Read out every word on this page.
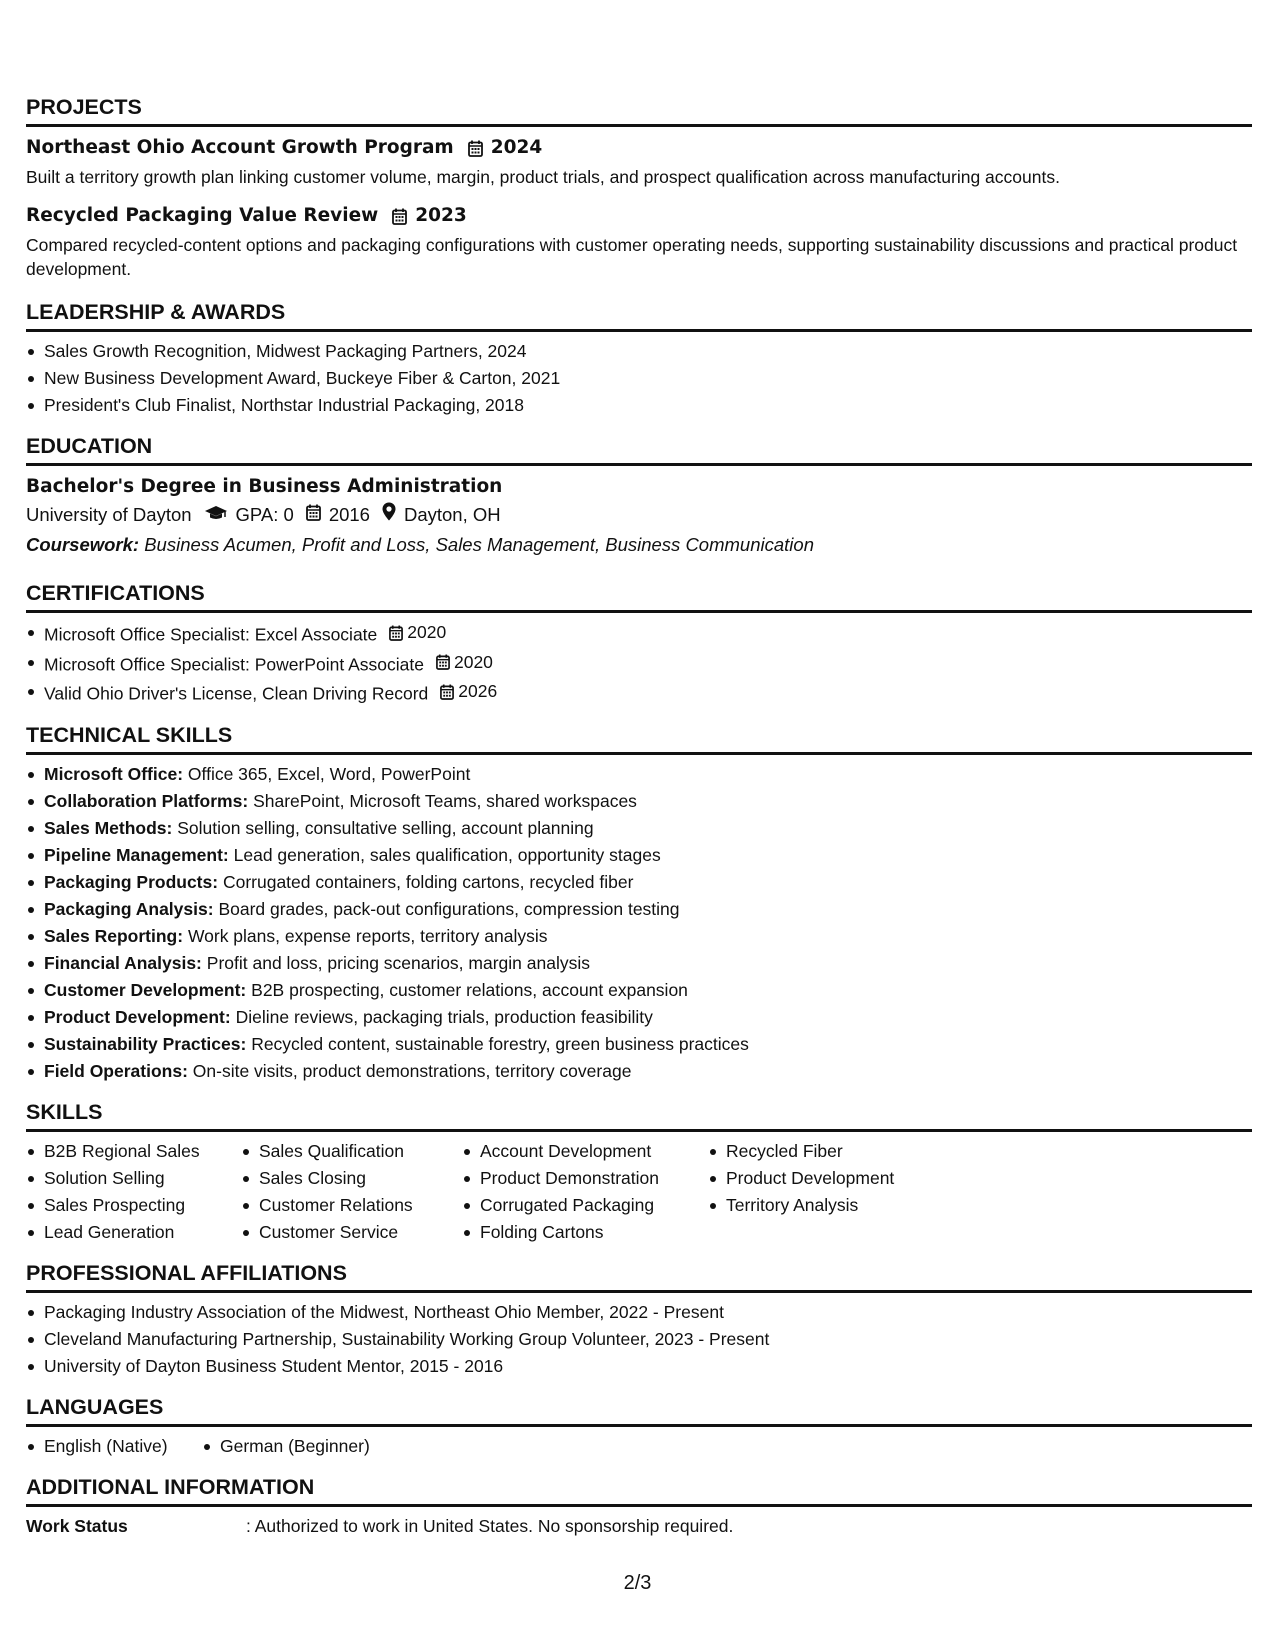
PROJECTS
Northeast Ohio Account Growth Program 2024

Built a territory growth plan linking customer volume, margin, product trials, and prospect qualification across manufacturing accounts.

Recycled Packaging Value Review 2023

Compared recycled-content options and packaging configurations with customer operating needs, supporting sustainability discussions and practical product development.

LEADERSHIP & AWARDS
Sales Growth Recognition, Midwest Packaging Partners, 2024
New Business Development Award, Buckeye Fiber & Carton, 2021
President's Club Finalist, Northstar Industrial Packaging, 2018
EDUCATION
Bachelor's Degree in Business Administration
University of Dayton GPA: 0 2016 Dayton, OH
Coursework: Business Acumen, Profit and Loss, Sales Management, Business Communication
CERTIFICATIONS
Microsoft Office Specialist: Excel Associate 2020
Microsoft Office Specialist: PowerPoint Associate 2020
Valid Ohio Driver's License, Clean Driving Record 2026
TECHNICAL SKILLS
Microsoft Office: Office 365, Excel, Word, PowerPoint
Collaboration Platforms: SharePoint, Microsoft Teams, shared workspaces
Sales Methods: Solution selling, consultative selling, account planning
Pipeline Management: Lead generation, sales qualification, opportunity stages
Packaging Products: Corrugated containers, folding cartons, recycled fiber
Packaging Analysis: Board grades, pack-out configurations, compression testing
Sales Reporting: Work plans, expense reports, territory analysis
Financial Analysis: Profit and loss, pricing scenarios, margin analysis
Customer Development: B2B prospecting, customer relations, account expansion
Product Development: Dieline reviews, packaging trials, production feasibility
Sustainability Practices: Recycled content, sustainable forestry, green business practices
Field Operations: On-site visits, product demonstrations, territory coverage
SKILLS
B2B Regional Sales
Solution Selling
Sales Prospecting
Lead Generation
Sales Qualification
Sales Closing
Customer Relations
Customer Service
Account Development
Product Demonstration
Corrugated Packaging
Folding Cartons
Recycled Fiber
Product Development
Territory Analysis
PROFESSIONAL AFFILIATIONS
Packaging Industry Association of the Midwest, Northeast Ohio Member, 2022 - Present
Cleveland Manufacturing Partnership, Sustainability Working Group Volunteer, 2023 - Present
University of Dayton Business Student Mentor, 2015 - 2016
LANGUAGES
English (Native)	German (Beginner)
ADDITIONAL INFORMATION
Work Status	: Authorized to work in United States. No sponsorship required.
2/3
